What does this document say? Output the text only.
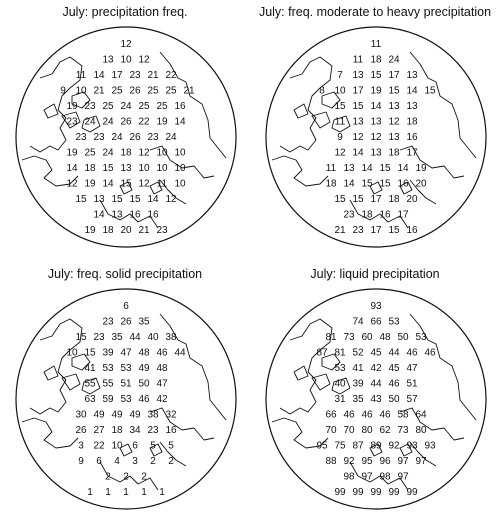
July: precipitation freq.
12
13 10 12
11 14 17 23 21 22
9 10 21 25 26 25 25 21
19 23 25 24 25 25 16
23 24 24 26 22 19 14
23 23 24 26 23 24
19 25 24 18 12 10 10
14 18 15 13 10 10 10
12 19 14 15 12 11 10
15 13 15 15 14 12
14 13 16 16
19 18 20 21 23
July: freq. moderate to heavy precipitation
11
11 18 24
7 13 15 17 13
8 10 17 19 15 14 15
15 15 14 13 13
11 13 13 12 18
9 12 12 13 16
12 14 13 18 17
11 13 14 15 14 19
18 14 15 15 16 20
15 15 17 18 20
23 18 16 17
21 23 17 15 16
July: freq. solid precipitation
6
23 26 35
15 23 35 44 40 38
10 15 39 47 48 46 44
41 53 53 49 48
55 55 51 50 47
63 59 53 46 42
30 49 49 49 38 32
26 27 18 34 23 16
3 22 10 6 5 5
9 6 4 3 2 2
2 2 2
1 1 1 1 1
July: liquid precipitation
93
74 66 53
81 73 60 48 50 53
87 81 52 45 44 46 46
53 41 42 45 47
40 39 44 46 51
31 35 43 50 57
66 46 46 46 58 64
70 70 80 62 73 80
95 75 87 89 92 93 93
88 92 95 96 97 97
98 97 98 97
99 99 99 99 99
